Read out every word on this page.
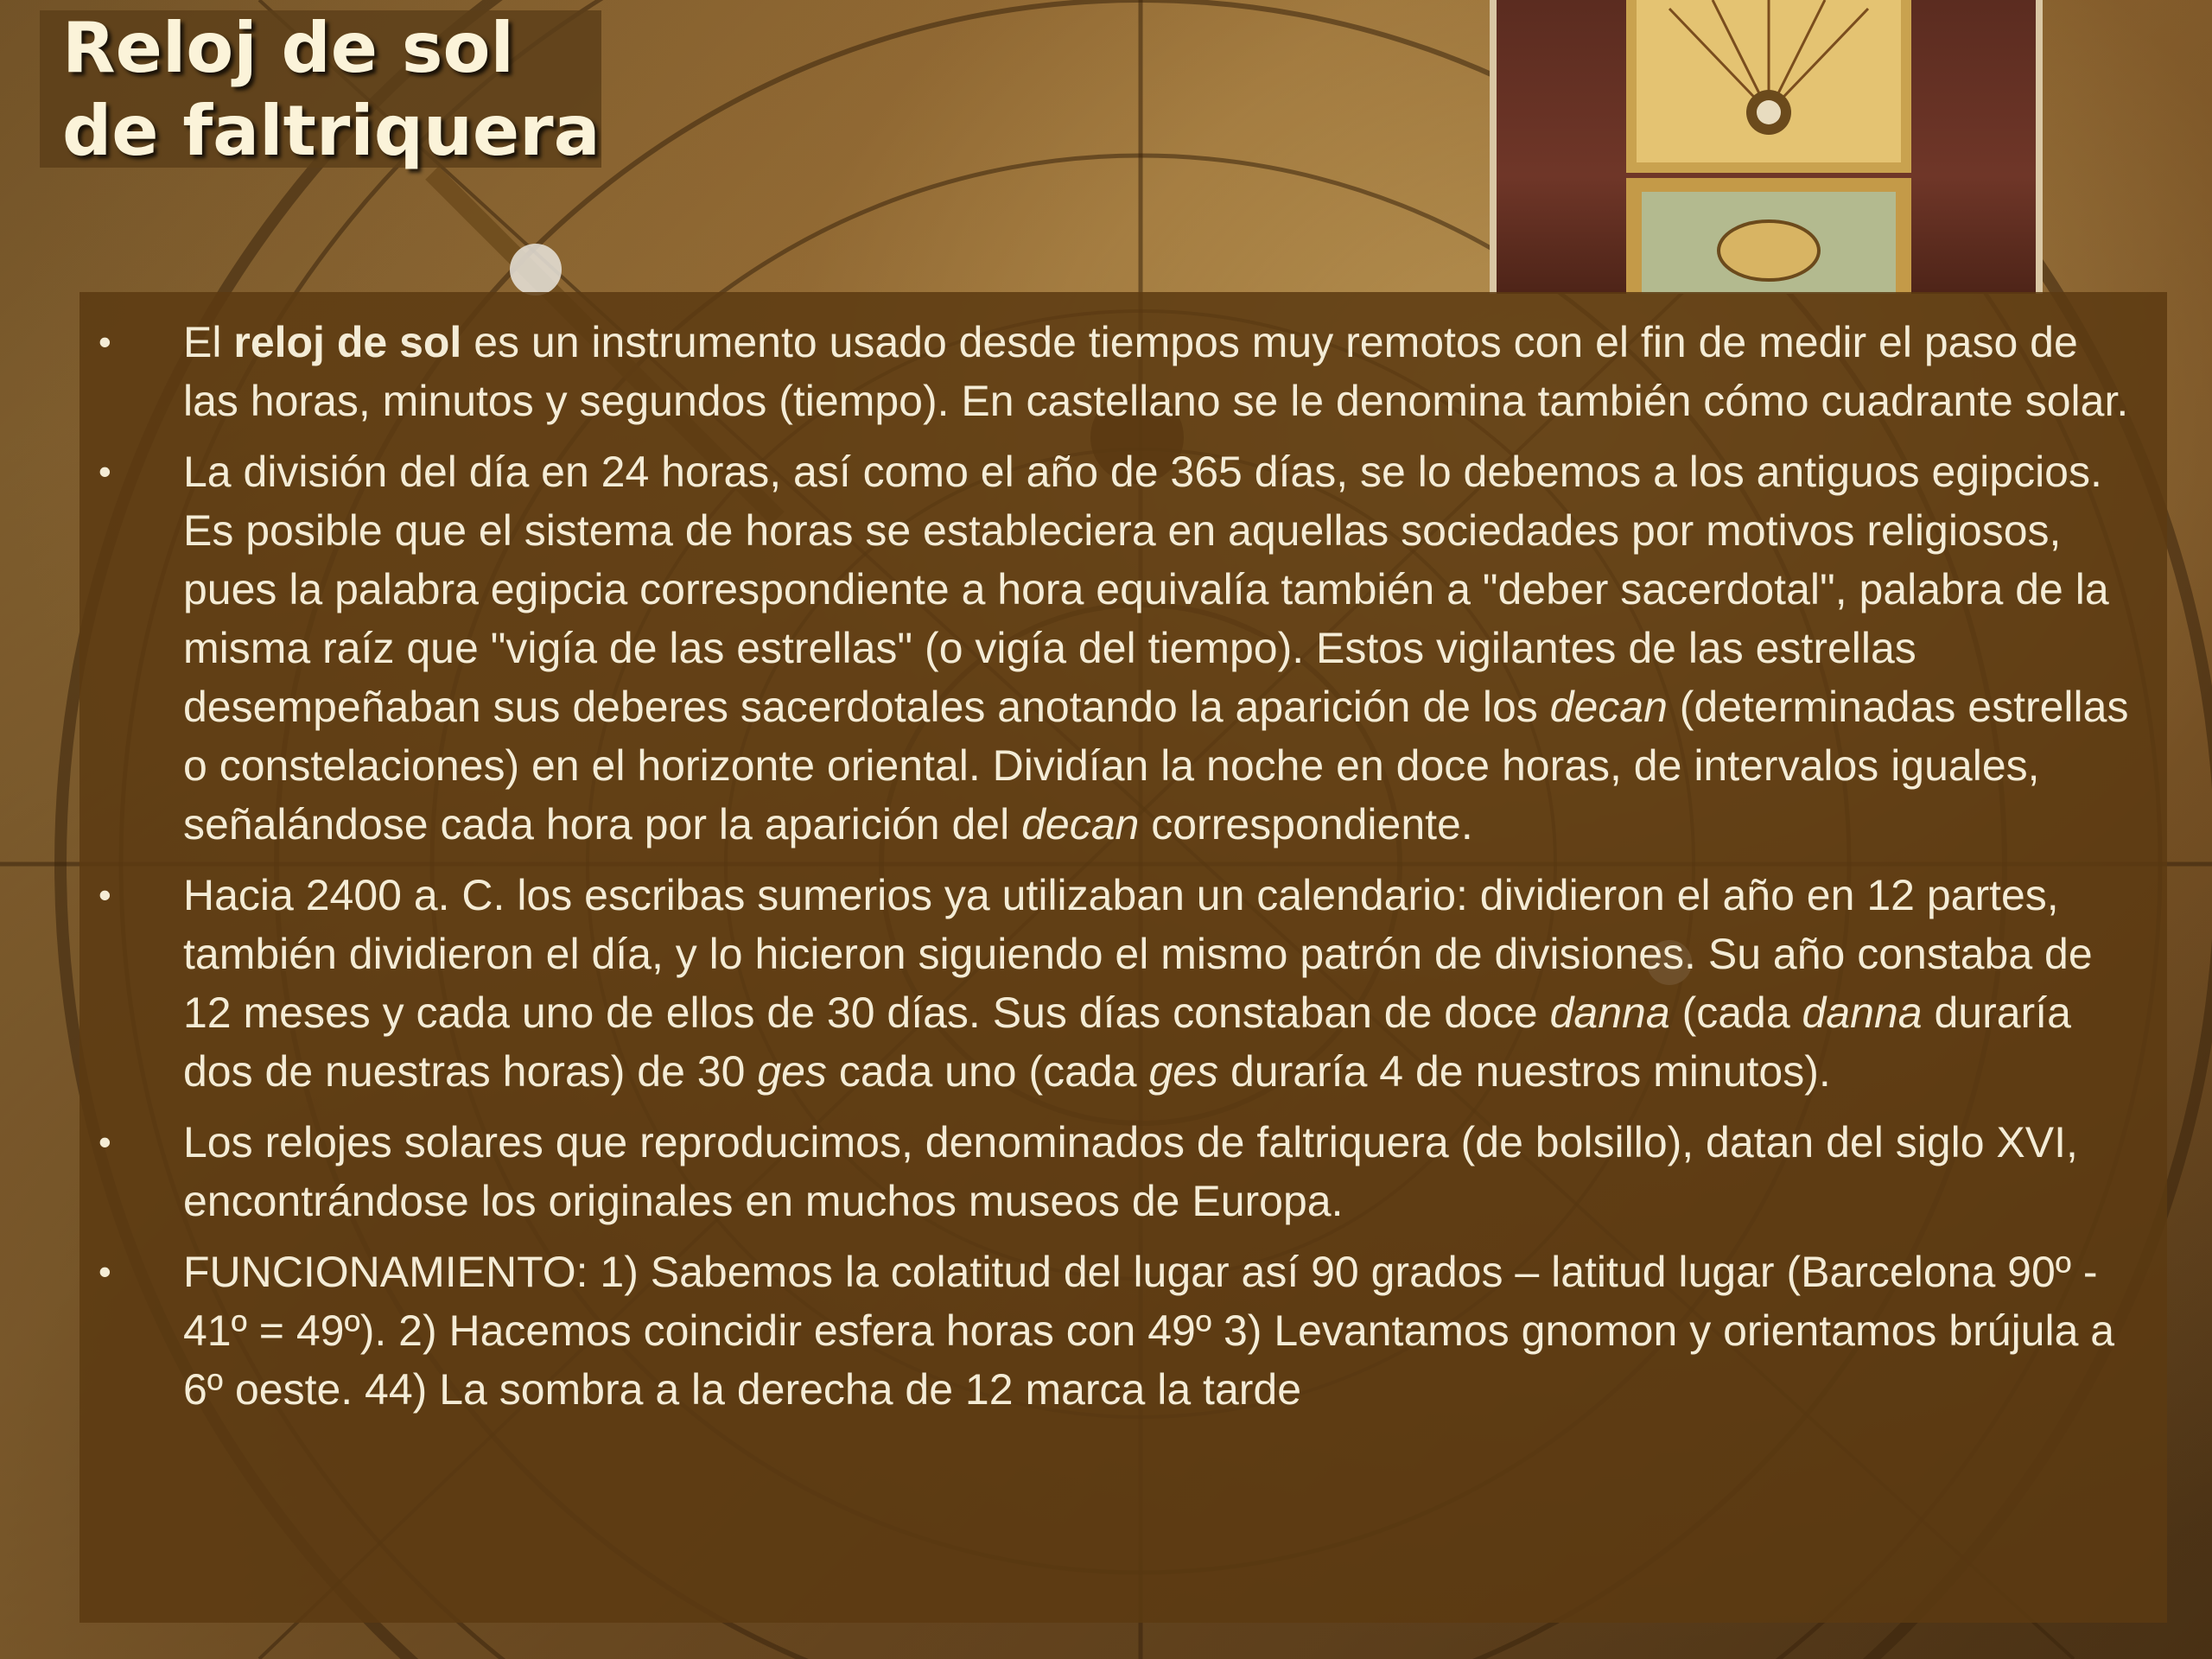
Reloj de sol
de faltriquera
• El reloj de sol es un instrumento usado desde tiempos muy remotos con el fin de medir el paso de las horas, minutos y segundos (tiempo). En castellano se le denomina también cómo cuadrante solar.
• La división del día en 24 horas, así como el año de 365 días, se lo debemos a los antiguos egipcios. Es posible que el sistema de horas se estableciera en aquellas sociedades por motivos religiosos, pues la palabra egipcia correspondiente a hora equivalía también a "deber sacerdotal", palabra de la misma raíz que "vigía de las estrellas" (o vigía del tiempo). Estos vigilantes de las estrellas desempeñaban sus deberes sacerdotales anotando la aparición de los decan (determinadas estrellas o constelaciones) en el horizonte oriental. Dividían la noche en doce horas, de intervalos iguales, señalándose cada hora por la aparición del decan correspondiente.
• Hacia 2400 a. C. los escribas sumerios ya utilizaban un calendario: dividieron el año en 12 partes, también dividieron el día, y lo hicieron siguiendo el mismo patrón de divisiones. Su año constaba de 12 meses y cada uno de ellos de 30 días. Sus días constaban de doce danna (cada danna duraría dos de nuestras horas) de 30 ges cada uno (cada ges duraría 4 de nuestros minutos).
• Los relojes solares que reproducimos, denominados de faltriquera (de bolsillo), datan del siglo XVI, encontrándose los originales en muchos museos de Europa.
• FUNCIONAMIENTO: 1) Sabemos la colatitud del lugar así 90 grados – latitud lugar (Barcelona 90º - 41º = 49º). 2) Hacemos coincidir esfera horas con 49º 3) Levantamos gnomon y orientamos brújula a 6º oeste. 44) La sombra a la derecha de 12 marca la tarde
